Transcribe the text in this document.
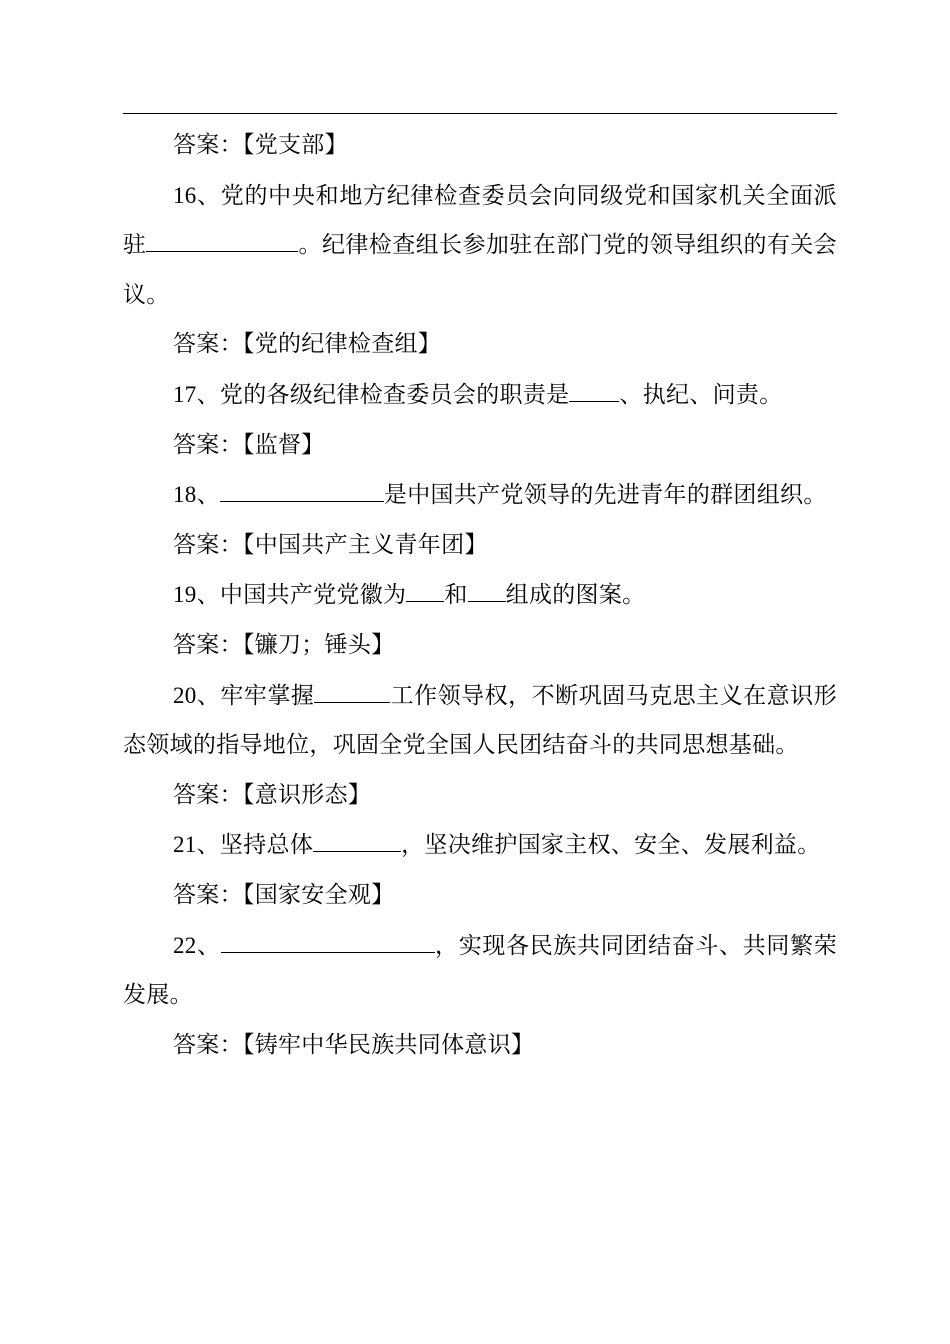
答案：【党支部】

16、党的中央和地方纪律检查委员会向同级党和国家机关全面派驻	。纪律检查组长参加驻在部门党的领导组织的有关会议。

答案：【党的纪律检查组】

17、党的各级纪律检查委员会的职责是 、执纪、问责。

答案：【监督】

18、	是中国共产党领导的先进青年的群团组织。

答案：【中国共产主义青年团】

19、中国共产党党徽为 和 组成的图案。

答案：【镰刀；锤头】

20、牢牢掌握	工作领导权，不断巩固马克思主义在意识形态领域的指导地位，巩固全党全国人民团结奋斗的共同思想基础。

答案：【意识形态】

21、坚持总体	，坚决维护国家主权、安全、发展利益。

答案：【国家安全观】

22、	，实现各民族共同团结奋斗、共同繁荣发展。

答案：【铸牢中华民族共同体意识】
